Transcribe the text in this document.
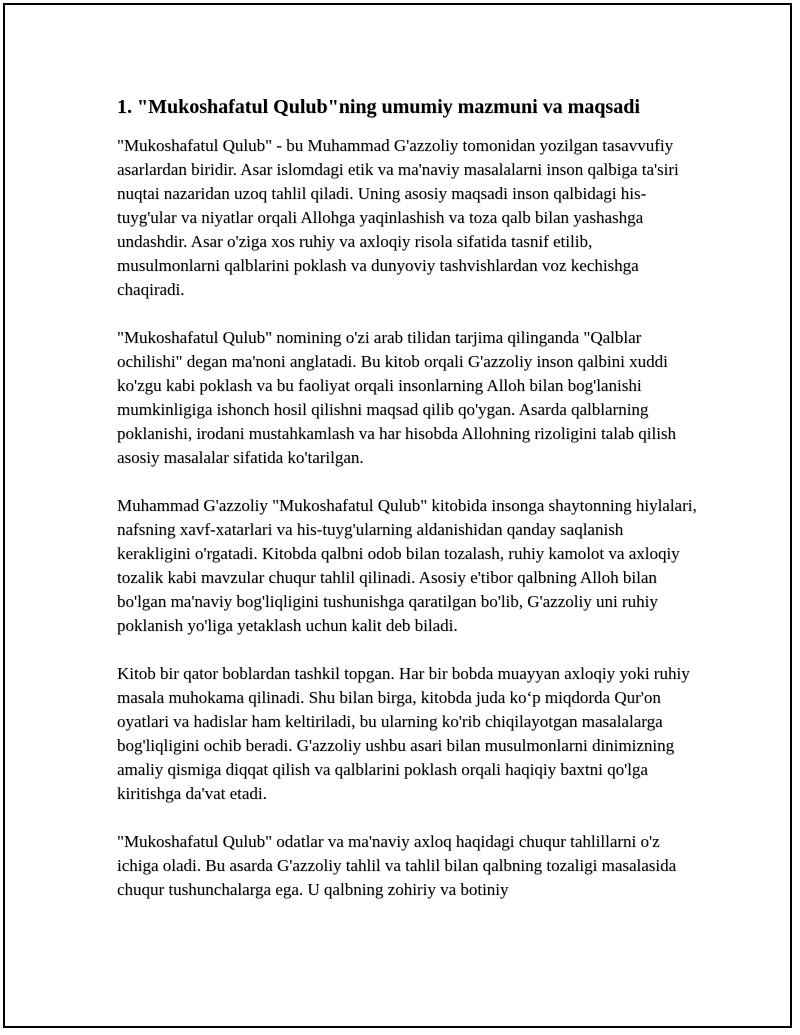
1. "Mukoshafatul Qulub"ning umumiy mazmuni va maqsadi

"Mukoshafatul Qulub" - bu Muhammad G'azzoliy tomonidan yozilgan tasavvufiy asarlardan biridir. Asar islomdagi etik va ma'naviy masalalarni inson qalbiga ta'siri nuqtai nazaridan uzoq tahlil qiladi. Uning asosiy maqsadi inson qalbidagi his-tuyg'ular va niyatlar orqali Allohga yaqinlashish va toza qalb bilan yashashga undashdir. Asar o'ziga xos ruhiy va axloqiy risola sifatida tasnif etilib, musulmonlarni qalblarini poklash va dunyoviy tashvishlardan voz kechishga chaqiradi.

"Mukoshafatul Qulub" nomining o'zi arab tilidan tarjima qilinganda "Qalblar ochilishi" degan ma'noni anglatadi. Bu kitob orqali G'azzoliy inson qalbini xuddi ko'zgu kabi poklash va bu faoliyat orqali insonlarning Alloh bilan bog'lanishi mumkinligiga ishonch hosil qilishni maqsad qilib qo'ygan. Asarda qalblarning poklanishi, irodani mustahkamlash va har hisobda Allohning rizoligini talab qilish asosiy masalalar sifatida ko'tarilgan.

Muhammad G'azzoliy "Mukoshafatul Qulub" kitobida insonga shaytonning hiylalari, nafsning xavf-xatarlari va his-tuyg'ularning aldanishidan qanday saqlanish kerakligini o'rgatadi. Kitobda qalbni odob bilan tozalash, ruhiy kamolot va axloqiy tozalik kabi mavzular chuqur tahlil qilinadi. Asosiy e'tibor qalbning Alloh bilan bo'lgan ma'naviy bog'liqligini tushunishga qaratilgan bo'lib, G'azzoliy uni ruhiy poklanish yo'liga yetaklash uchun kalit deb biladi.

Kitob bir qator boblardan tashkil topgan. Har bir bobda muayyan axloqiy yoki ruhiy masala muhokama qilinadi. Shu bilan birga, kitobda juda ko‘p miqdorda Qur'on oyatlari va hadislar ham keltiriladi, bu ularning ko'rib chiqilayotgan masalalarga bog'liqligini ochib beradi. G'azzoliy ushbu asari bilan musulmonlarni dinimizning amaliy qismiga diqqat qilish va qalblarini poklash orqali haqiqiy baxtni qo'lga kiritishga da'vat etadi.

"Mukoshafatul Qulub" odatlar va ma'naviy axloq haqidagi chuqur tahlillarni o'z ichiga oladi. Bu asarda G'azzoliy tahlil va tahlil bilan qalbning tozaligi masalasida chuqur tushunchalarga ega. U qalbning zohiriy va botiniy
